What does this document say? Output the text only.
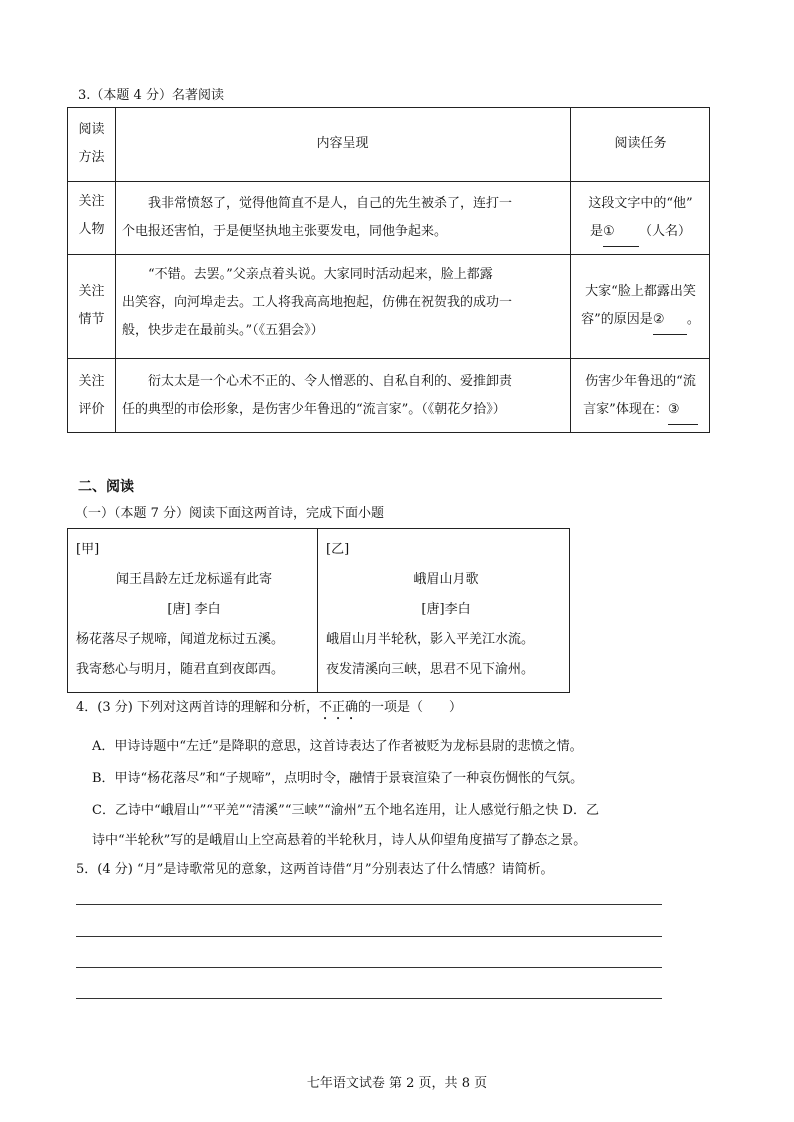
3.（本题 4 分）名著阅读
阅读
方法
内容呈现	阅读任务
关注
人物
　　我非常愤怒了，觉得他简直不是人，自己的先生被杀了，连打一
个电报还害怕，于是便坚执地主张要发电，同他争起来。
这段文字中的“他”
是① （人名）
关注
情节
　　“不错。去罢。”父亲点着头说。大家同时活动起来，脸上都露
出笑容，向河埠走去。工人将我高高地抱起，仿佛在祝贺我的成功一
般，快步走在最前头。”（《五猖会》）
大家“脸上都露出笑
容”的原因是② 。
关注
评价
　　衍太太是一个心术不正的、令人憎恶的、自私自利的、爱推卸责
任的典型的市侩形象，是伤害少年鲁迅的“流言家”。（《朝花夕拾》）
伤害少年鲁迅的“流
言家”体现在：③
二、阅读
（一）（本题 7 分）阅读下面这两首诗，完成下面小题
[甲]
闻王昌龄左迁龙标遥有此寄
[唐] 李白
杨花落尽子规啼，闻道龙标过五溪。
我寄愁心与明月，随君直到夜郎西。
[乙]
峨眉山月歌
[唐]李白
峨眉山月半轮秋，影入平羌江水流。
夜发清溪向三峡，思君不见下渝州。
4．(3 分) 下列对这两首诗的理解和分析，不正确的一项是（　　）
A．甲诗诗题中“左迁”是降职的意思，这首诗表达了作者被贬为龙标县尉的悲愤之情。
B．甲诗“杨花落尽”和“子规啼”，点明时令，融情于景衰渲染了一种哀伤惆怅的气氛。
C．乙诗中“峨眉山”“平羌”“清溪”“三峡”“渝州”五个地名连用，让人感觉行船之快 D．乙
诗中“半轮秋”写的是峨眉山上空高悬着的半轮秋月，诗人从仰望角度描写了静态之景。
5．(4 分) “月”是诗歌常见的意象，这两首诗借“月”分别表达了什么情感？请简析。
七年语文试卷 第 2 页，共 8 页
